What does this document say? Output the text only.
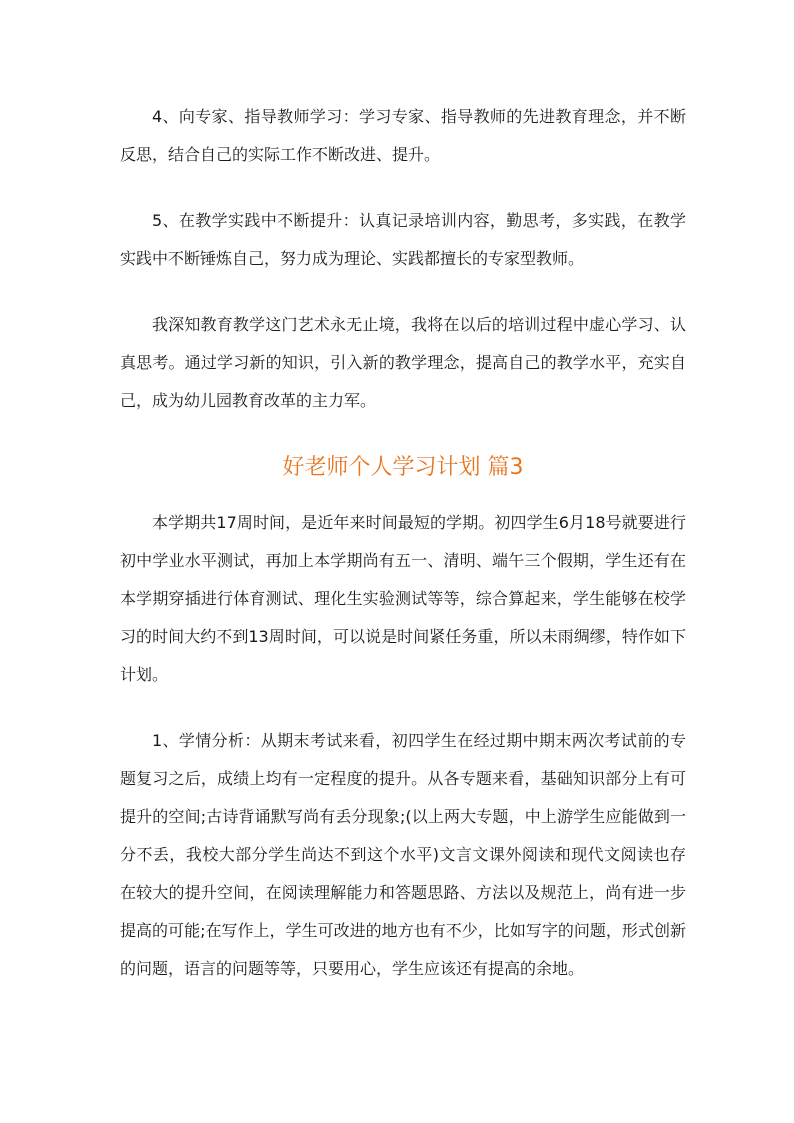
4、向专家、指导教师学习：学习专家、指导教师的先进教育理念，并不断反思，结合自己的实际工作不断改进、提升。

5、在教学实践中不断提升：认真记录培训内容，勤思考，多实践，在教学实践中不断锤炼自己，努力成为理论、实践都擅长的专家型教师。

我深知教育教学这门艺术永无止境，我将在以后的培训过程中虚心学习、认真思考。通过学习新的知识，引入新的教学理念，提高自己的教学水平，充实自己，成为幼儿园教育改革的主力军。

好老师个人学习计划 篇3

本学期共17周时间，是近年来时间最短的学期。初四学生6月18号就要进行初中学业水平测试，再加上本学期尚有五一、清明、端午三个假期，学生还有在本学期穿插进行体育测试、理化生实验测试等等，综合算起来，学生能够在校学习的时间大约不到13周时间，可以说是时间紧任务重，所以未雨绸缪，特作如下计划。

1、学情分析：从期末考试来看，初四学生在经过期中期末两次考试前的专题复习之后，成绩上均有一定程度的提升。从各专题来看，基础知识部分上有可提升的空间;古诗背诵默写尚有丢分现象;(以上两大专题，中上游学生应能做到一分不丢，我校大部分学生尚达不到这个水平)文言文课外阅读和现代文阅读也存在较大的提升空间，在阅读理解能力和答题思路、方法以及规范上，尚有进一步提高的可能;在写作上，学生可改进的地方也有不少，比如写字的问题，形式创新的问题，语言的问题等等，只要用心，学生应该还有提高的余地。
